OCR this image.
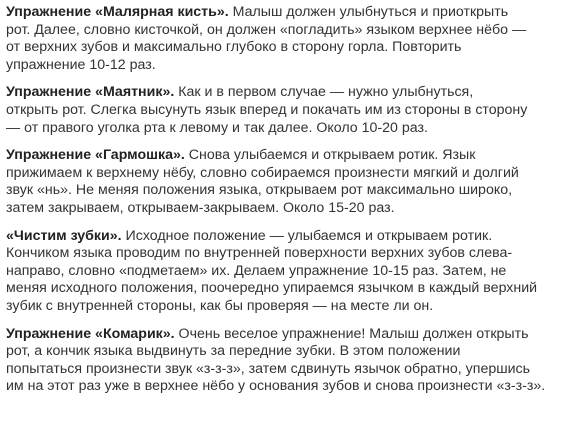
Упражнение «Малярная кисть». Малыш должен улыбнуться и приоткрыть
рот. Далее, словно кисточкой, он должен «погладить» языком верхнее нёбо —
от верхних зубов и максимально глубоко в сторону горла. Повторить
упражнение 10-12 раз.

Упражнение «Маятник». Как и в первом случае — нужно улыбнуться,
открыть рот. Слегка высунуть язык вперед и покачать им из стороны в сторону
— от правого уголка рта к левому и так далее. Около 10-20 раз.

Упражнение «Гармошка». Снова улыбаемся и открываем ротик. Язык
прижимаем к верхнему нёбу, словно собираемся произнести мягкий и долгий
звук «нь». Не меняя положения языка, открываем рот максимально широко,
затем закрываем, открываем-закрываем. Около 15-20 раз.

«Чистим зубки». Исходное положение — улыбаемся и открываем ротик.
Кончиком языка проводим по внутренней поверхности верхних зубов слева-
направо, словно «подметаем» их. Делаем упражнение 10-15 раз. Затем, не
меняя исходного положения, поочередно упираемся язычком в каждый верхний
зубик с внутренней стороны, как бы проверяя — на месте ли он.

Упражнение «Комарик». Очень веселое упражнение! Малыш должен открыть
рот, а кончик языка выдвинуть за передние зубки. В этом положении
попытаться произнести звук «з-з-з», затем сдвинуть язычок обратно, упершись
им на этот раз уже в верхнее нёбо у основания зубов и снова произнести «з-з-з».
